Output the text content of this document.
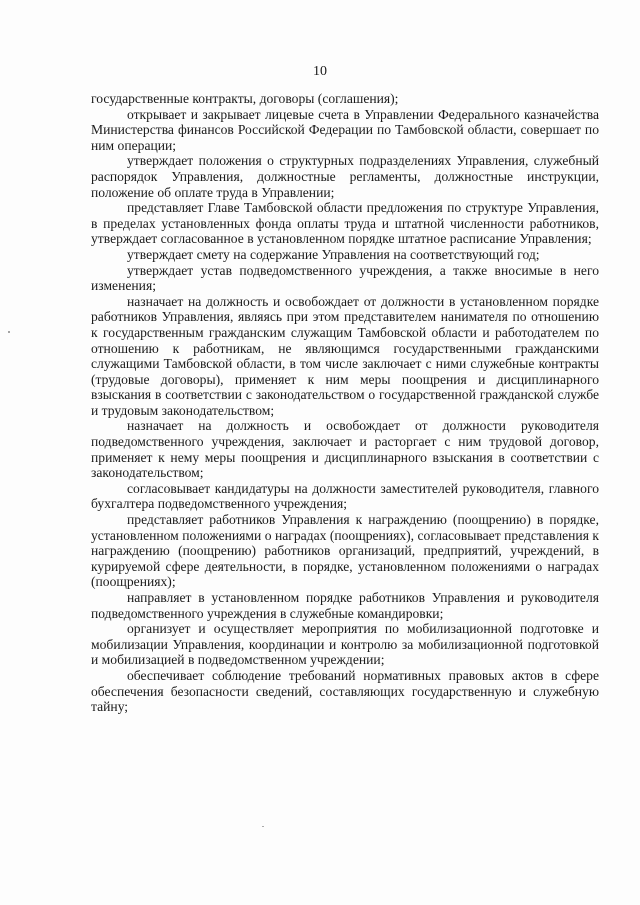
10

государственные контракты, договоры (соглашения);

открывает и закрывает лицевые счета в Управлении Федерального казначейства Министерства финансов Российской Федерации по Тамбовской области, совершает по ним операции;

утверждает положения о структурных подразделениях Управления, служебный распорядок Управления, должностные регламенты, должностные инструкции, положение об оплате труда в Управлении;

представляет Главе Тамбовской области предложения по структуре Управления, в пределах установленных фонда оплаты труда и штатной численности работников, утверждает согласованное в установленном порядке штатное расписание Управления;

утверждает смету на содержание Управления на соответствующий год;

утверждает устав подведомственного учреждения, а также вносимые в него изменения;

назначает на должность и освобождает от должности в установленном порядке работников Управления, являясь при этом представителем нанимателя по отношению к государственным гражданским служащим Тамбовской области и работодателем по отношению к работникам, не являющимся государственными гражданскими служащими Тамбовской области, в том числе заключает с ними служебные контракты (трудовые договоры), применяет к ним меры поощрения и дисциплинарного взыскания в соответствии с законодательством о государственной гражданской службе и трудовым законодательством;

назначает на должность и освобождает от должности руководителя подведомственного учреждения, заключает и расторгает с ним трудовой договор, применяет к нему меры поощрения и дисциплинарного взыскания в соответствии с законодательством;

согласовывает кандидатуры на должности заместителей руководителя, главного бухгалтера подведомственного учреждения;

представляет работников Управления к награждению (поощрению) в порядке, установленном положениями о наградах (поощрениях), согласовывает представления к награждению (поощрению) работников организаций, предприятий, учреждений, в курируемой сфере деятельности, в порядке, установленном положениями о наградах (поощрениях);

направляет в установленном порядке работников Управления и руководителя подведомственного учреждения в служебные командировки;

организует и осуществляет мероприятия по мобилизационной подготовке и мобилизации Управления, координации и контролю за мобилизационной подготовкой и мобилизацией в подведомственном учреждении;

обеспечивает соблюдение требований нормативных правовых актов в сфере обеспечения безопасности сведений, составляющих государственную и служебную тайну;
